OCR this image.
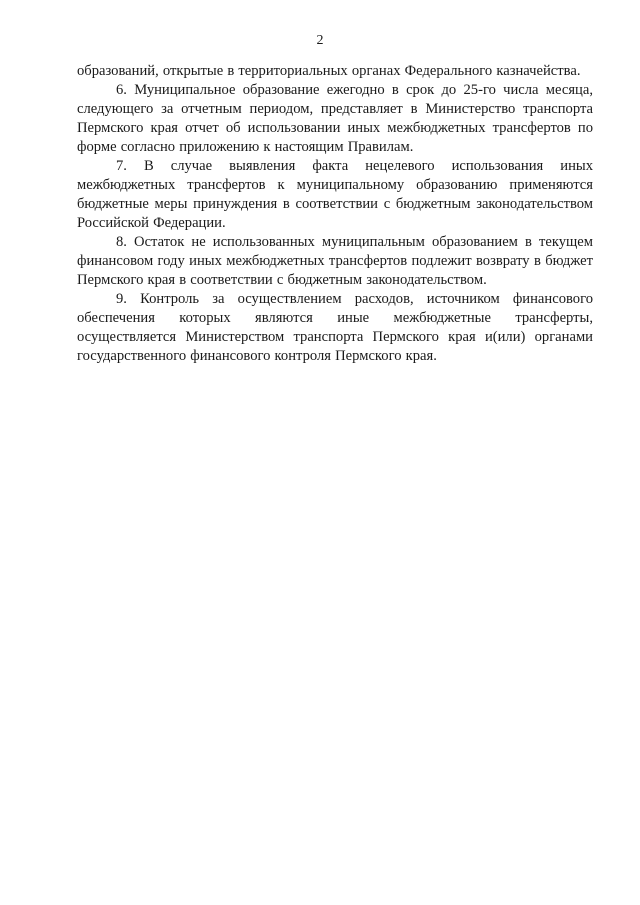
2

образований, открытые в территориальных органах Федерального казначейства.

6. Муниципальное образование ежегодно в срок до 25-го числа месяца, следующего за отчетным периодом, представляет в Министерство транспорта Пермского края отчет об использовании иных межбюджетных трансфертов по форме согласно приложению к настоящим Правилам.

7. В случае выявления факта нецелевого использования иных межбюджетных трансфертов к муниципальному образованию применяются бюджетные меры принуждения в соответствии с бюджетным законодательством Российской Федерации.

8. Остаток не использованных муниципальным образованием в текущем финансовом году иных межбюджетных трансфертов подлежит возврату в бюджет Пермского края в соответствии с бюджетным законодательством.

9. Контроль за осуществлением расходов, источником финансового обеспечения которых являются иные межбюджетные трансферты, осуществляется Министерством транспорта Пермского края и(или) органами государственного финансового контроля Пермского края.
